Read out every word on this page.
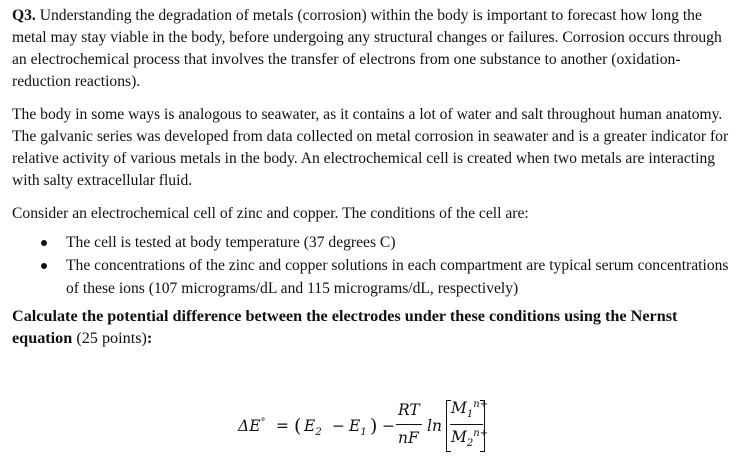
Q3. Understanding the degradation of metals (corrosion) within the body is important to forecast how long the metal may stay viable in the body, before undergoing any structural changes or failures. Corrosion occurs through an electrochemical process that involves the transfer of electrons from one substance to another (oxidation-reduction reactions).

The body in some ways is analogous to seawater, as it contains a lot of water and salt throughout human anatomy. The galvanic series was developed from data collected on metal corrosion in seawater and is a greater indicator for relative activity of various metals in the body. An electrochemical cell is created when two metals are interacting with salty extracellular fluid.

Consider an electrochemical cell of zinc and copper. The conditions of the cell are:

The cell is tested at body temperature (37 degrees C)
The concentrations of the zinc and copper solutions in each compartment are typical serum concentrations of these ions (107 micrograms/dL and 115 micrograms/dL, respectively)

Calculate the potential difference between the electrodes under these conditions using the Nernst equation (25 points):

ΔE° = ( $E_2 - E_1$ ) −
RT
nF
ln
$M_1^{n+}$
$M_2^{n+}$
